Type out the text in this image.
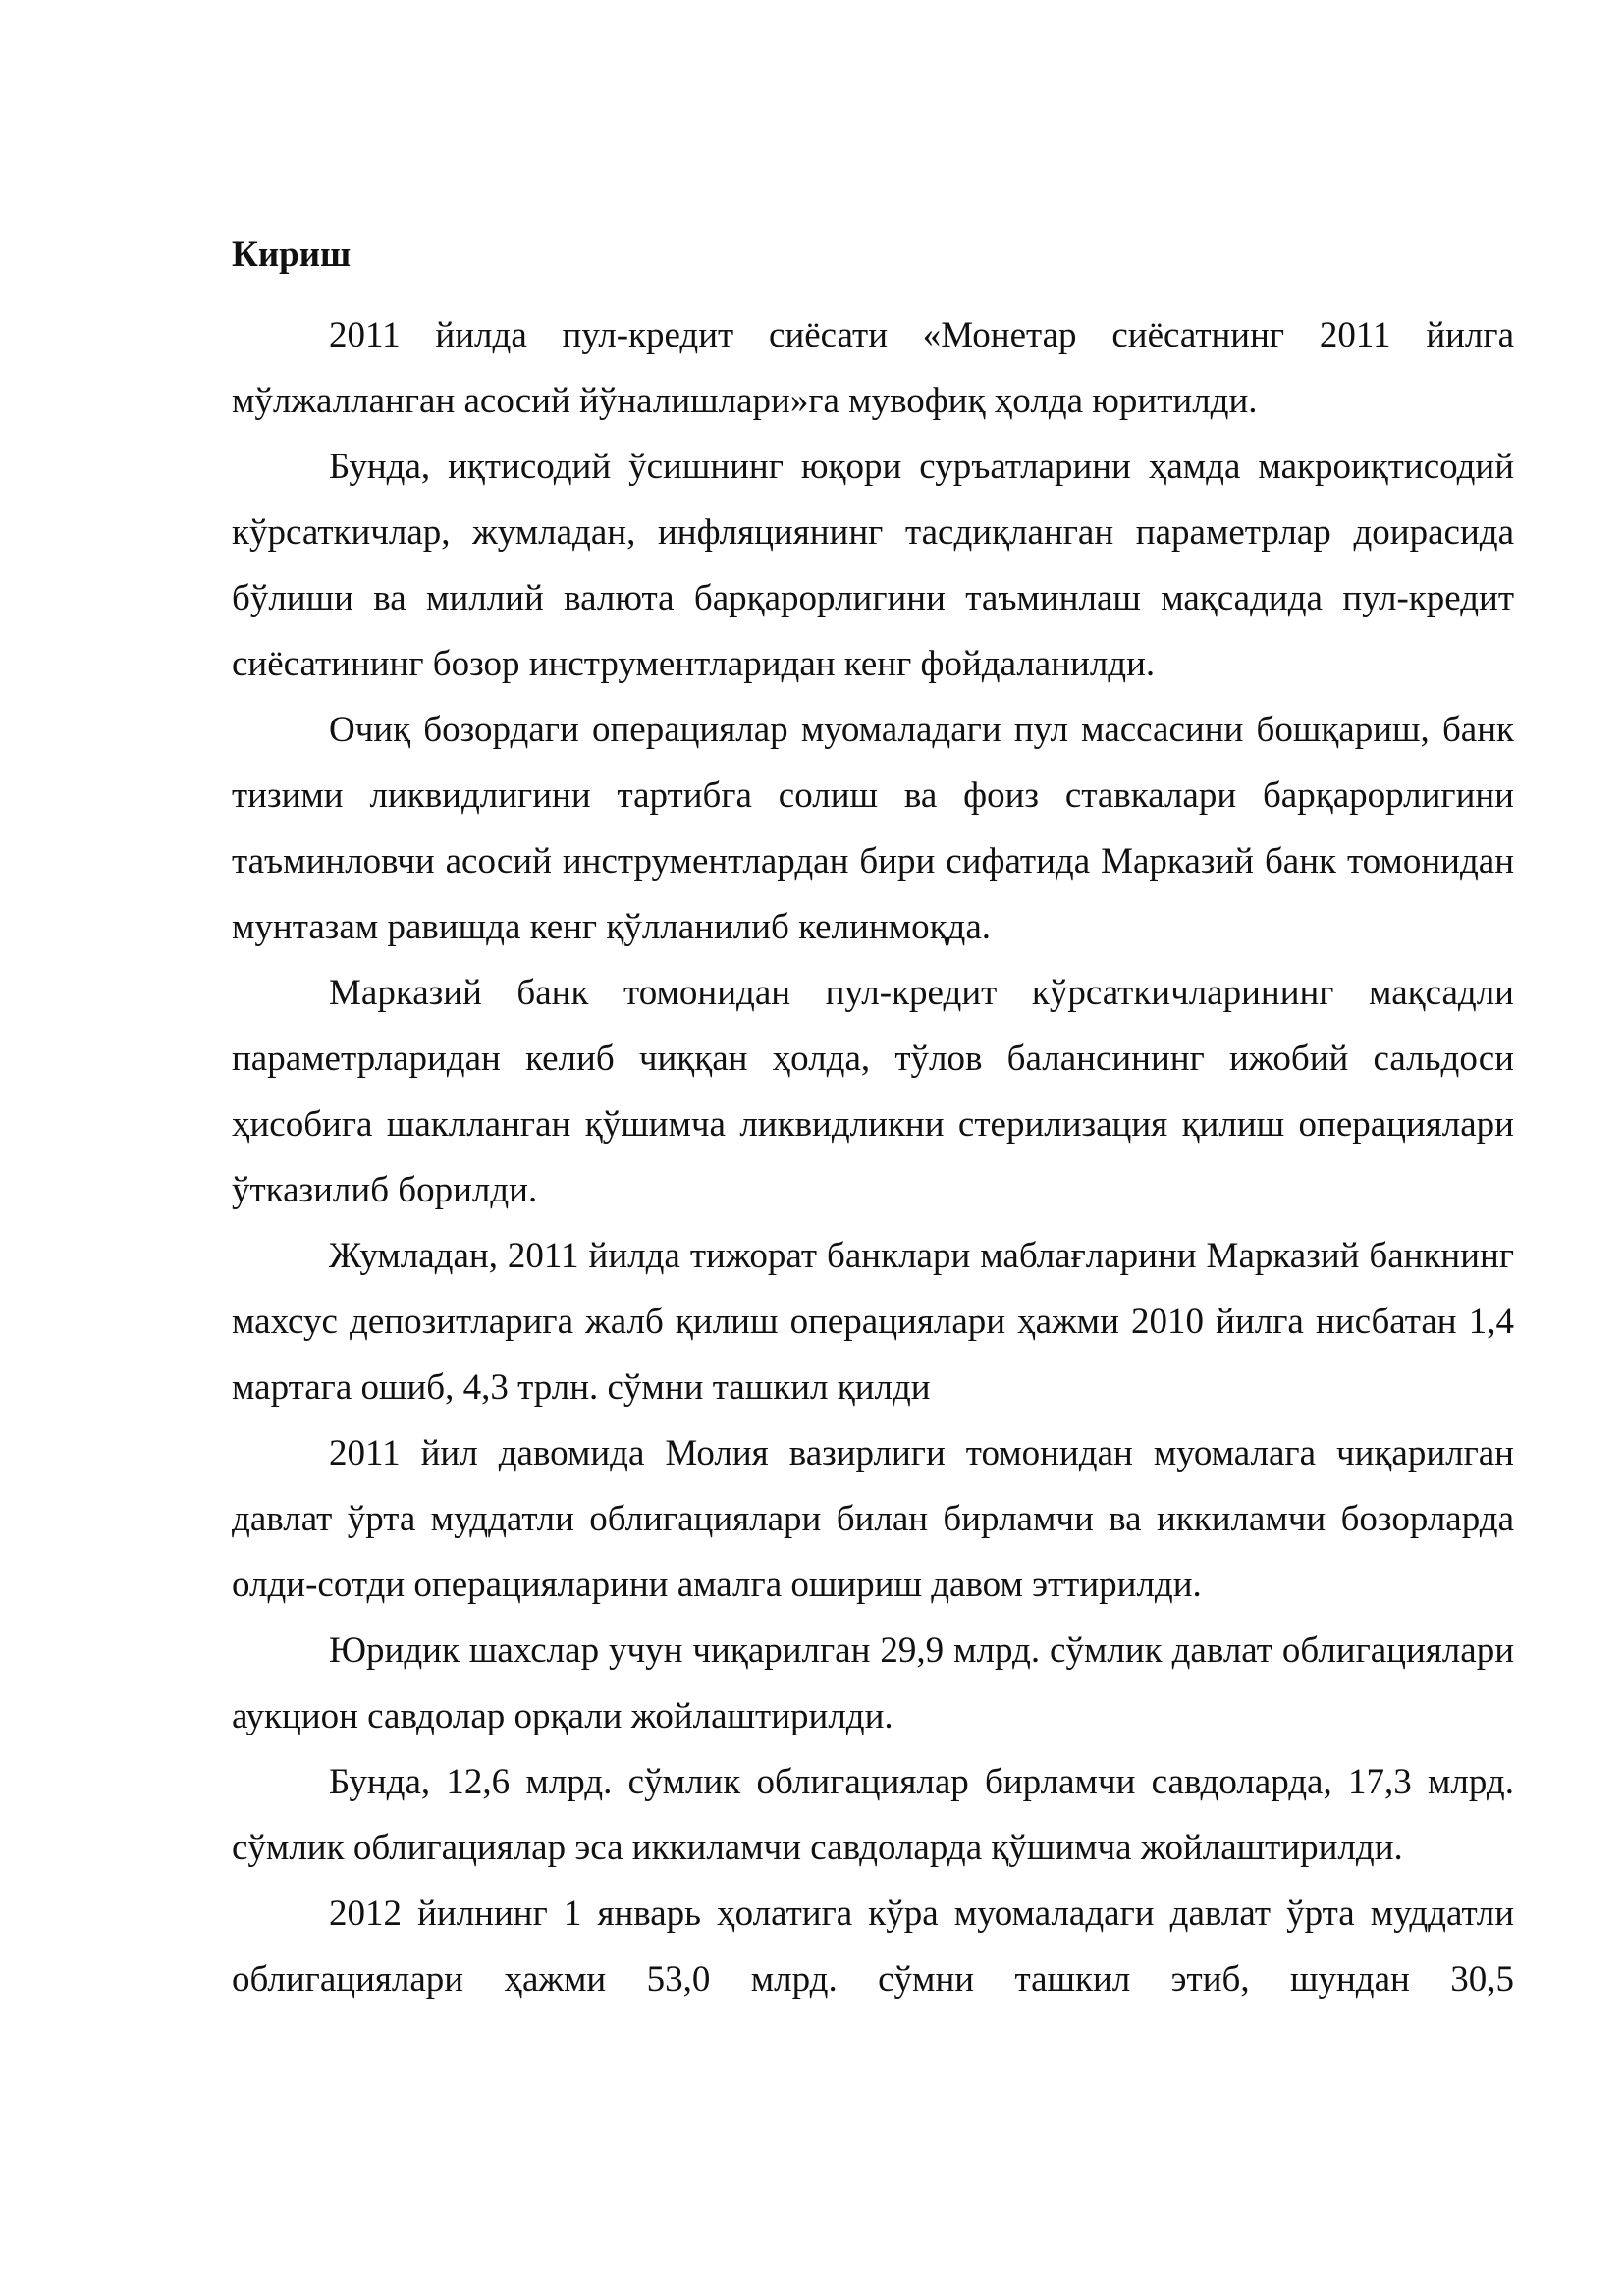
Кириш

2011 йилда пул-кредит сиёсати «Монетар сиёсатнинг 2011 йилга мўлжалланган асосий йўналишлари»га мувофиқ ҳолда юритилди.

Бунда, иқтисодий ўсишнинг юқори суръатларини ҳамда макроиқтисодий кўрсаткичлар, жумладан, инфляциянинг тасдиқланган параметрлар доирасида бўлиши ва миллий валюта барқарорлигини таъминлаш мақсадида пул-кредит сиёсатининг бозор инструментларидан кенг фойдаланилди.

Очиқ бозордаги операциялар муомаладаги пул массасини бошқариш, банк тизими ликвидлигини тартибга солиш ва фоиз ставкалари барқарорлигини таъминловчи асосий инструментлардан бири сифатида Марказий банк томонидан мунтазам равишда кенг қўлланилиб келинмоқда.

Марказий банк томонидан пул-кредит кўрсаткичларининг мақсадли параметрларидан келиб чиққан ҳолда, тўлов балансининг ижобий сальдоси ҳисобига шаклланган қўшимча ликвидликни стерилизация қилиш операциялари ўтказилиб борилди.

Жумладан, 2011 йилда тижорат банклари маблағларини Марказий банкнинг махсус депозитларига жалб қилиш операциялари ҳажми 2010 йилга нисбатан 1,4 мартага ошиб, 4,3 трлн. сўмни ташкил қилди

2011 йил давомида Молия вазирлиги томонидан муомалага чиқарилган давлат ўрта муддатли облигациялари билан бирламчи ва иккиламчи бозорларда олди-сотди операцияларини амалга ошириш давом эттирилди.

Юридик шахслар учун чиқарилган 29,9 млрд. сўмлик давлат облигациялари аукцион савдолар орқали жойлаштирилди.

Бунда, 12,6 млрд. сўмлик облигациялар бирламчи савдоларда, 17,3 млрд. сўмлик облигациялар эса иккиламчи савдоларда қўшимча жойлаштирилди.

2012 йилнинг 1 январь ҳолатига кўра муомаладаги давлат ўрта муддатли облигациялари ҳажми 53,0 млрд. сўмни ташкил этиб, шундан 30,5
